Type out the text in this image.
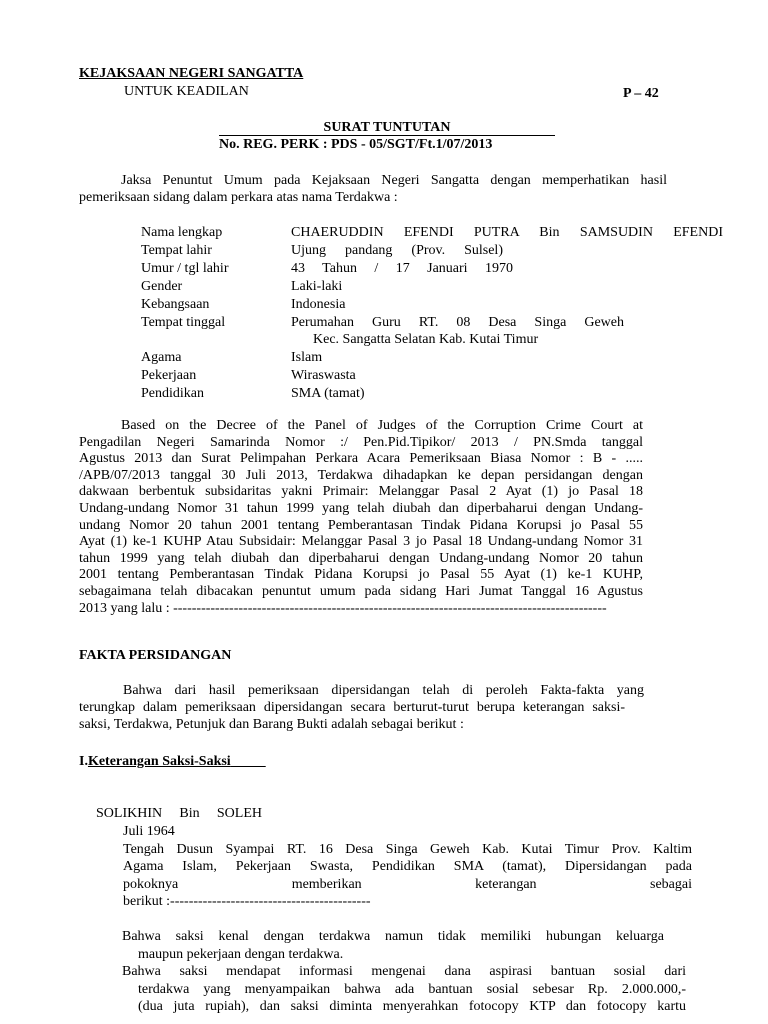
KEJAKSAAN NEGERI SANGATTA
UNTUK KEADILAN	P – 42
SURAT TUNTUTAN
No. REG. PERK : PDS - 05/SGT/Ft.1/07/2013
Jaksa Penuntut Umum pada Kejaksaan Negeri Sangatta dengan memperhatikan hasil
pemeriksaan sidang dalam perkara atas nama Terdakwa :
Nama lengkap	CHAERUDDIN EFENDI PUTRA Bin SAMSUDIN EFENDI
Tempat lahir	Ujung pandang (Prov. Sulsel)
Umur / tgl lahir	43 Tahun / 17 Januari 1970
Gender	Laki-laki
Kebangsaan	Indonesia
Tempat tinggal	Perumahan Guru RT. 08 Desa Singa Geweh
Kec. Sangatta Selatan Kab. Kutai Timur
Agama	Islam
Pekerjaan	Wiraswasta
Pendidikan	SMA (tamat)
Based on the Decree of the Panel of Judges of the Corruption Crime Court at
Pengadilan Negeri Samarinda Nomor :/ Pen.Pid.Tipikor/ 2013 / PN.Smda tanggal
Agustus 2013 dan Surat Pelimpahan Perkara Acara Pemeriksaan Biasa Nomor : B - .....
/APB/07/2013 tanggal 30 Juli 2013, Terdakwa dihadapkan ke depan persidangan dengan
dakwaan berbentuk subsidaritas yakni Primair: Melanggar Pasal 2 Ayat (1) jo Pasal 18
Undang-undang Nomor 31 tahun 1999 yang telah diubah dan diperbaharui dengan Undang-
undang Nomor 20 tahun 2001 tentang Pemberantasan Tindak Pidana Korupsi jo Pasal 55
Ayat (1) ke-1 KUHP Atau Subsidair: Melanggar Pasal 3 jo Pasal 18 Undang-undang Nomor 31
tahun 1999 yang telah diubah dan diperbaharui dengan Undang-undang Nomor 20 tahun
2001 tentang Pemberantasan Tindak Pidana Korupsi jo Pasal 55 Ayat (1) ke-1 KUHP,
sebagaimana telah dibacakan penuntut umum pada sidang Hari Jumat Tanggal 16 Agustus
2013 yang lalu : ---------------------------------------------------------------------------------------------
FAKTA PERSIDANGAN
Bahwa dari hasil pemeriksaan dipersidangan telah di peroleh Fakta-fakta yang
terungkap dalam pemeriksaan dipersidangan secara berturut-turut berupa keterangan saksi-
saksi, Terdakwa, Petunjuk dan Barang Bukti adalah sebagai berikut :
I.Keterangan Saksi-Saksi
SOLIKHIN Bin SOLEH
Juli 1964
Tengah Dusun Syampai RT. 16 Desa Singa Geweh Kab. Kutai Timur Prov. Kaltim
Agama Islam, Pekerjaan Swasta, Pendidikan SMA (tamat), Dipersidangan pada
pokoknya memberikan keterangan sebagai
berikut :-------------------------------------------
Bahwa saksi kenal dengan terdakwa namun tidak memiliki hubungan keluarga
maupun pekerjaan dengan terdakwa.
Bahwa saksi mendapat informasi mengenai dana aspirasi bantuan sosial dari
terdakwa yang menyampaikan bahwa ada bantuan sosial sebesar Rp. 2.000.000,-
(dua juta rupiah), dan saksi diminta menyerahkan fotocopy KTP dan fotocopy kartu
